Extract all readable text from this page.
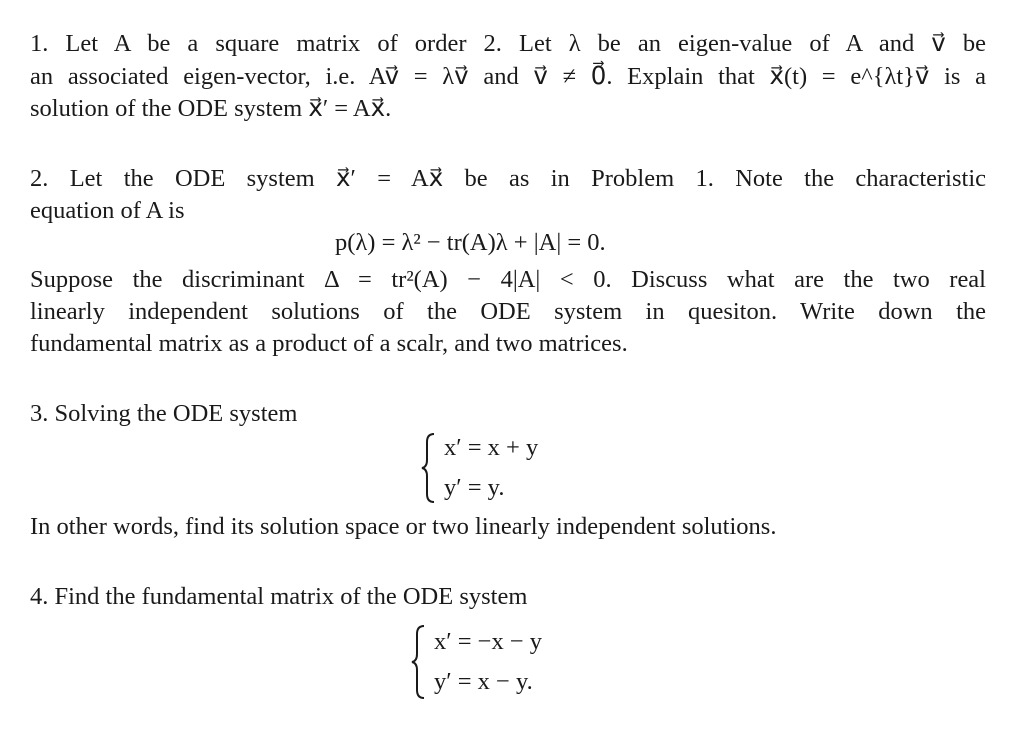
1. Let A be a square matrix of order 2. Let λ be an eigen-value of A and v⃗ be
an associated eigen-vector, i.e. Av⃗ = λv⃗ and v⃗ ≠ 0⃗. Explain that x⃗(t) = e^{λt}v⃗ is a
solution of the ODE system x⃗′ = Ax⃗.
2. Let the ODE system x⃗′ = Ax⃗ be as in Problem 1. Note the characteristic
equation of A is
p(λ) = λ² − tr(A)λ + |A| = 0.
Suppose the discriminant Δ = tr²(A) − 4|A| < 0. Discuss what are the two real
linearly independent solutions of the ODE system in quesiton. Write down the
fundamental matrix as a product of a scalr, and two matrices.
3. Solving the ODE system
x′ = x + y
y′ = y.
In other words, find its solution space or two linearly independent solutions.
4. Find the fundamental matrix of the ODE system
x′ = −x − y
y′ = x − y.
